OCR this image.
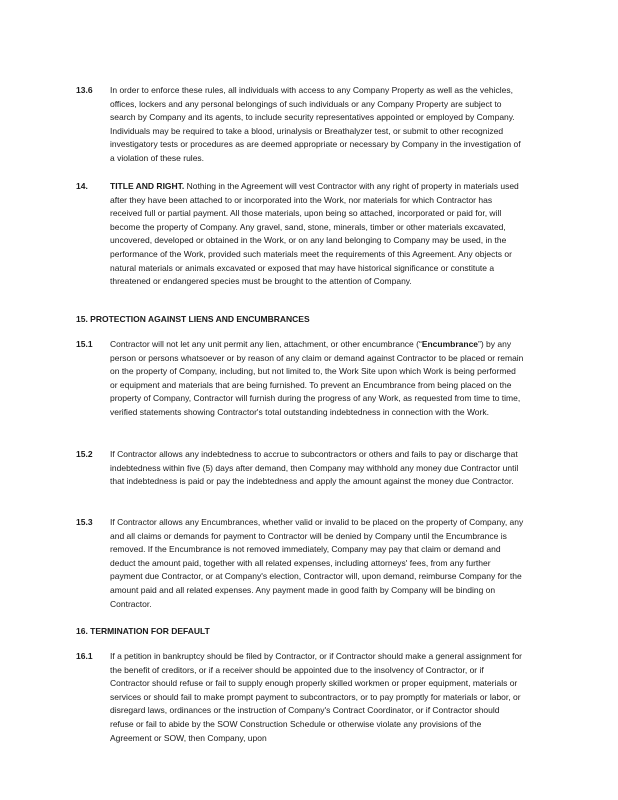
13.6	In order to enforce these rules, all individuals with access to any Company Property as well as the vehicles, offices, lockers and any personal belongings of such individuals or any Company Property are subject to search by Company and its agents, to include security representatives appointed or employed by Company. Individuals may be required to take a blood, urinalysis or Breathalyzer test, or submit to other recognized investigatory tests or procedures as are deemed appropriate or necessary by Company in the investigation of a violation of these rules.
14.	TITLE AND RIGHT. Nothing in the Agreement will vest Contractor with any right of property in materials used after they have been attached to or incorporated into the Work, nor materials for which Contractor has received full or partial payment. All those materials, upon being so attached, incorporated or paid for, will become the property of Company. Any gravel, sand, stone, minerals, timber or other materials excavated, uncovered, developed or obtained in the Work, or on any land belonging to Company may be used, in the performance of the Work, provided such materials meet the requirements of this Agreement. Any objects or natural materials or animals excavated or exposed that may have historical significance or constitute a threatened or endangered species must be brought to the attention of Company.
15. PROTECTION AGAINST LIENS AND ENCUMBRANCES
15.1	Contractor will not let any unit permit any lien, attachment, or other encumbrance (“Encumbrance”) by any person or persons whatsoever or by reason of any claim or demand against Contractor to be placed or remain on the property of Company, including, but not limited to, the Work Site upon which Work is being performed or equipment and materials that are being furnished. To prevent an Encumbrance from being placed on the property of Company, Contractor will furnish during the progress of any Work, as requested from time to time, verified statements showing Contractor's total outstanding indebtedness in connection with the Work.
15.2	If Contractor allows any indebtedness to accrue to subcontractors or others and fails to pay or discharge that indebtedness within five (5) days after demand, then Company may withhold any money due Contractor until that indebtedness is paid or pay the indebtedness and apply the amount against the money due Contractor.
15.3	If Contractor allows any Encumbrances, whether valid or invalid to be placed on the property of Company, any and all claims or demands for payment to Contractor will be denied by Company until the Encumbrance is removed. If the Encumbrance is not removed immediately, Company may pay that claim or demand and deduct the amount paid, together with all related expenses, including attorneys' fees, from any further payment due Contractor, or at Company's election, Contractor will, upon demand, reimburse Company for the amount paid and all related expenses. Any payment made in good faith by Company will be binding on Contractor.
16. TERMINATION FOR DEFAULT
16.1	If a petition in bankruptcy should be filed by Contractor, or if Contractor should make a general assignment for the benefit of creditors, or if a receiver should be appointed due to the insolvency of Contractor, or if Contractor should refuse or fail to supply enough properly skilled workmen or proper equipment, materials or services or should fail to make prompt payment to subcontractors, or to pay promptly for materials or labor, or disregard laws, ordinances or the instruction of Company's Contract Coordinator, or if Contractor should refuse or fail to abide by the SOW Construction Schedule or otherwise violate any provisions of the Agreement or SOW, then Company, upon
